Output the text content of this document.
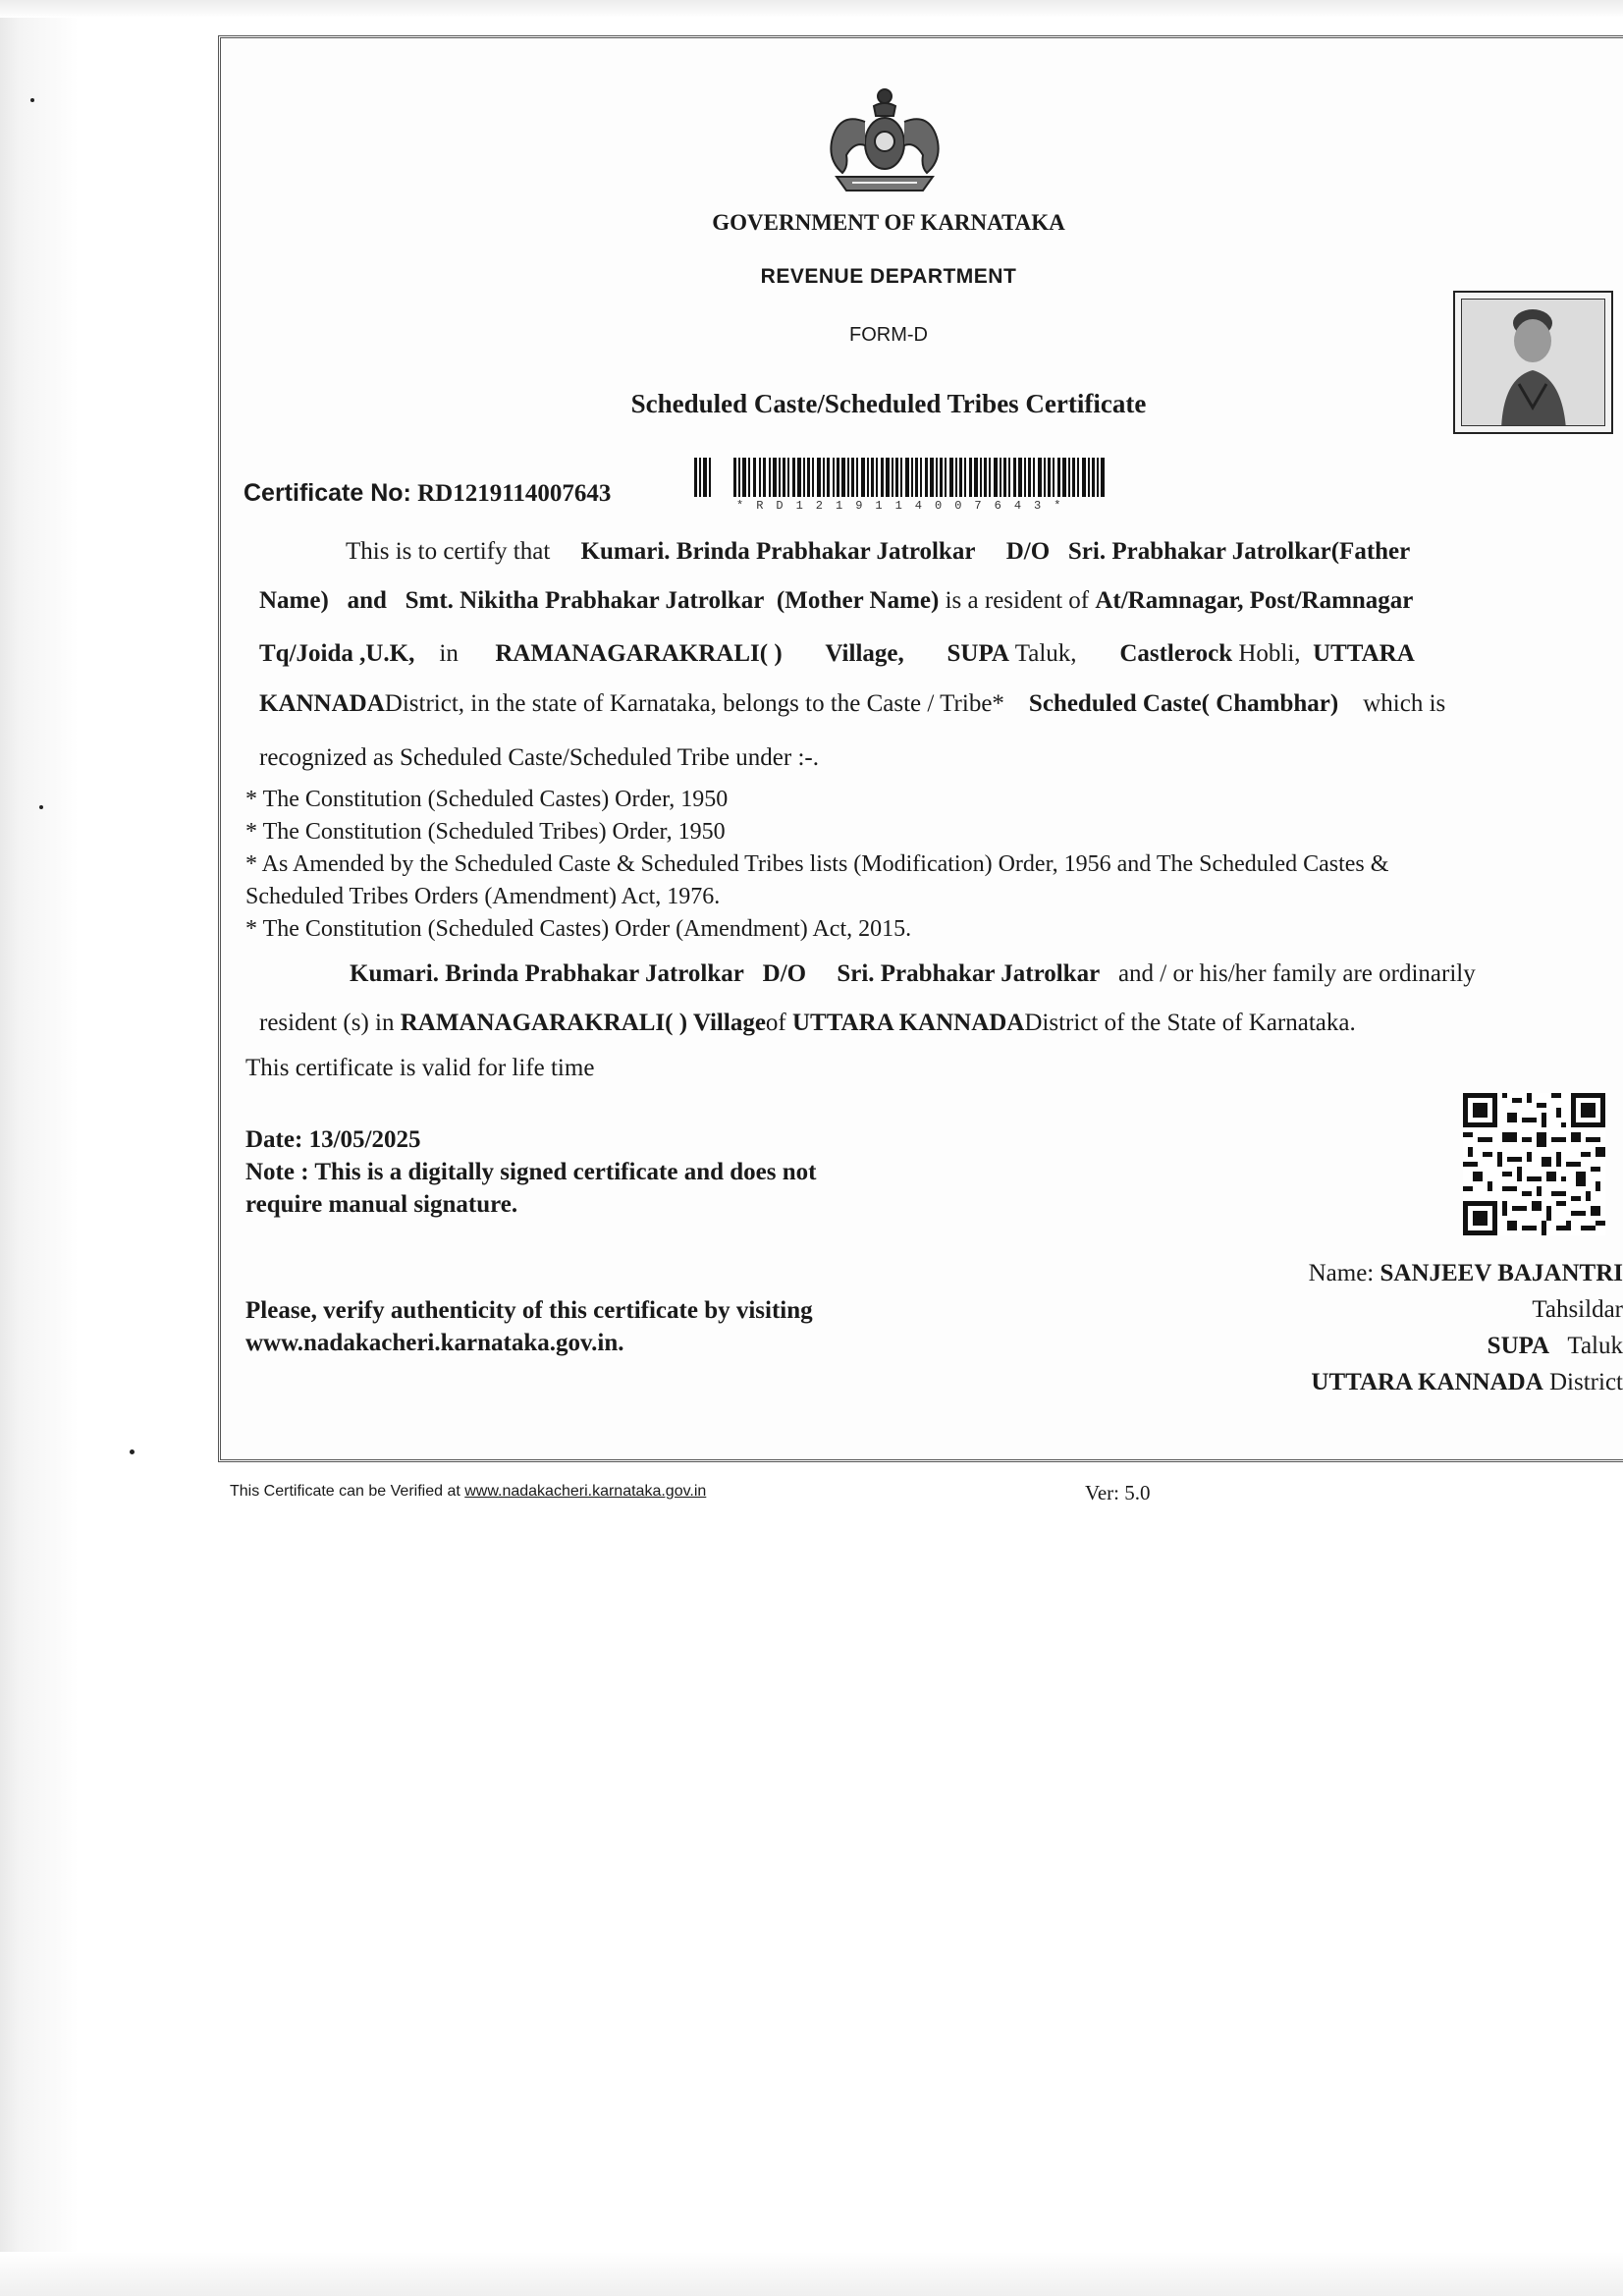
GOVERNMENT OF KARNATAKA
REVENUE DEPARTMENT
FORM-D
Scheduled Caste/Scheduled Tribes Certificate
Certificate No: RD1219114007643	*RD1219114007643*
This is to certify that Kumari. Brinda Prabhakar Jatrolkar D/O Sri. Prabhakar Jatrolkar(Father
Name) and Smt. Nikitha Prabhakar Jatrolkar (Mother Name) is a resident of At/Ramnagar, Post/Ramnagar
Tq/Joida ,U.K, in RAMANAGARAKRALI( ) Village, SUPA Taluk, Castlerock Hobli, UTTARA
KANNADADistrict, in the state of Karnataka, belongs to the Caste / Tribe* Scheduled Caste( Chambhar) which is
recognized as Scheduled Caste/Scheduled Tribe under :-.
* The Constitution (Scheduled Castes) Order, 1950
* The Constitution (Scheduled Tribes) Order, 1950
* As Amended by the Scheduled Caste & Scheduled Tribes lists (Modification) Order, 1956 and The Scheduled Castes &
Scheduled Tribes Orders (Amendment) Act, 1976.
* The Constitution (Scheduled Castes) Order (Amendment) Act, 2015.
Kumari. Brinda Prabhakar Jatrolkar D/O Sri. Prabhakar Jatrolkar and / or his/her family are ordinarily
resident (s) in RAMANAGARAKRALI( ) Villageof UTTARA KANNADADistrict of the State of Karnataka.
This certificate is valid for life time
Date: 13/05/2025
Note : This is a digitally signed certificate and does not
require manual signature.
Please, verify authenticity of this certificate by visiting
www.nadakacheri.karnataka.gov.in.
Name: SANJEEV BAJANTRI
Tahsildar
SUPA Taluk
UTTARA KANNADA District
This Certificate can be Verified at www.nadakacheri.karnataka.gov.in	Ver: 5.0
